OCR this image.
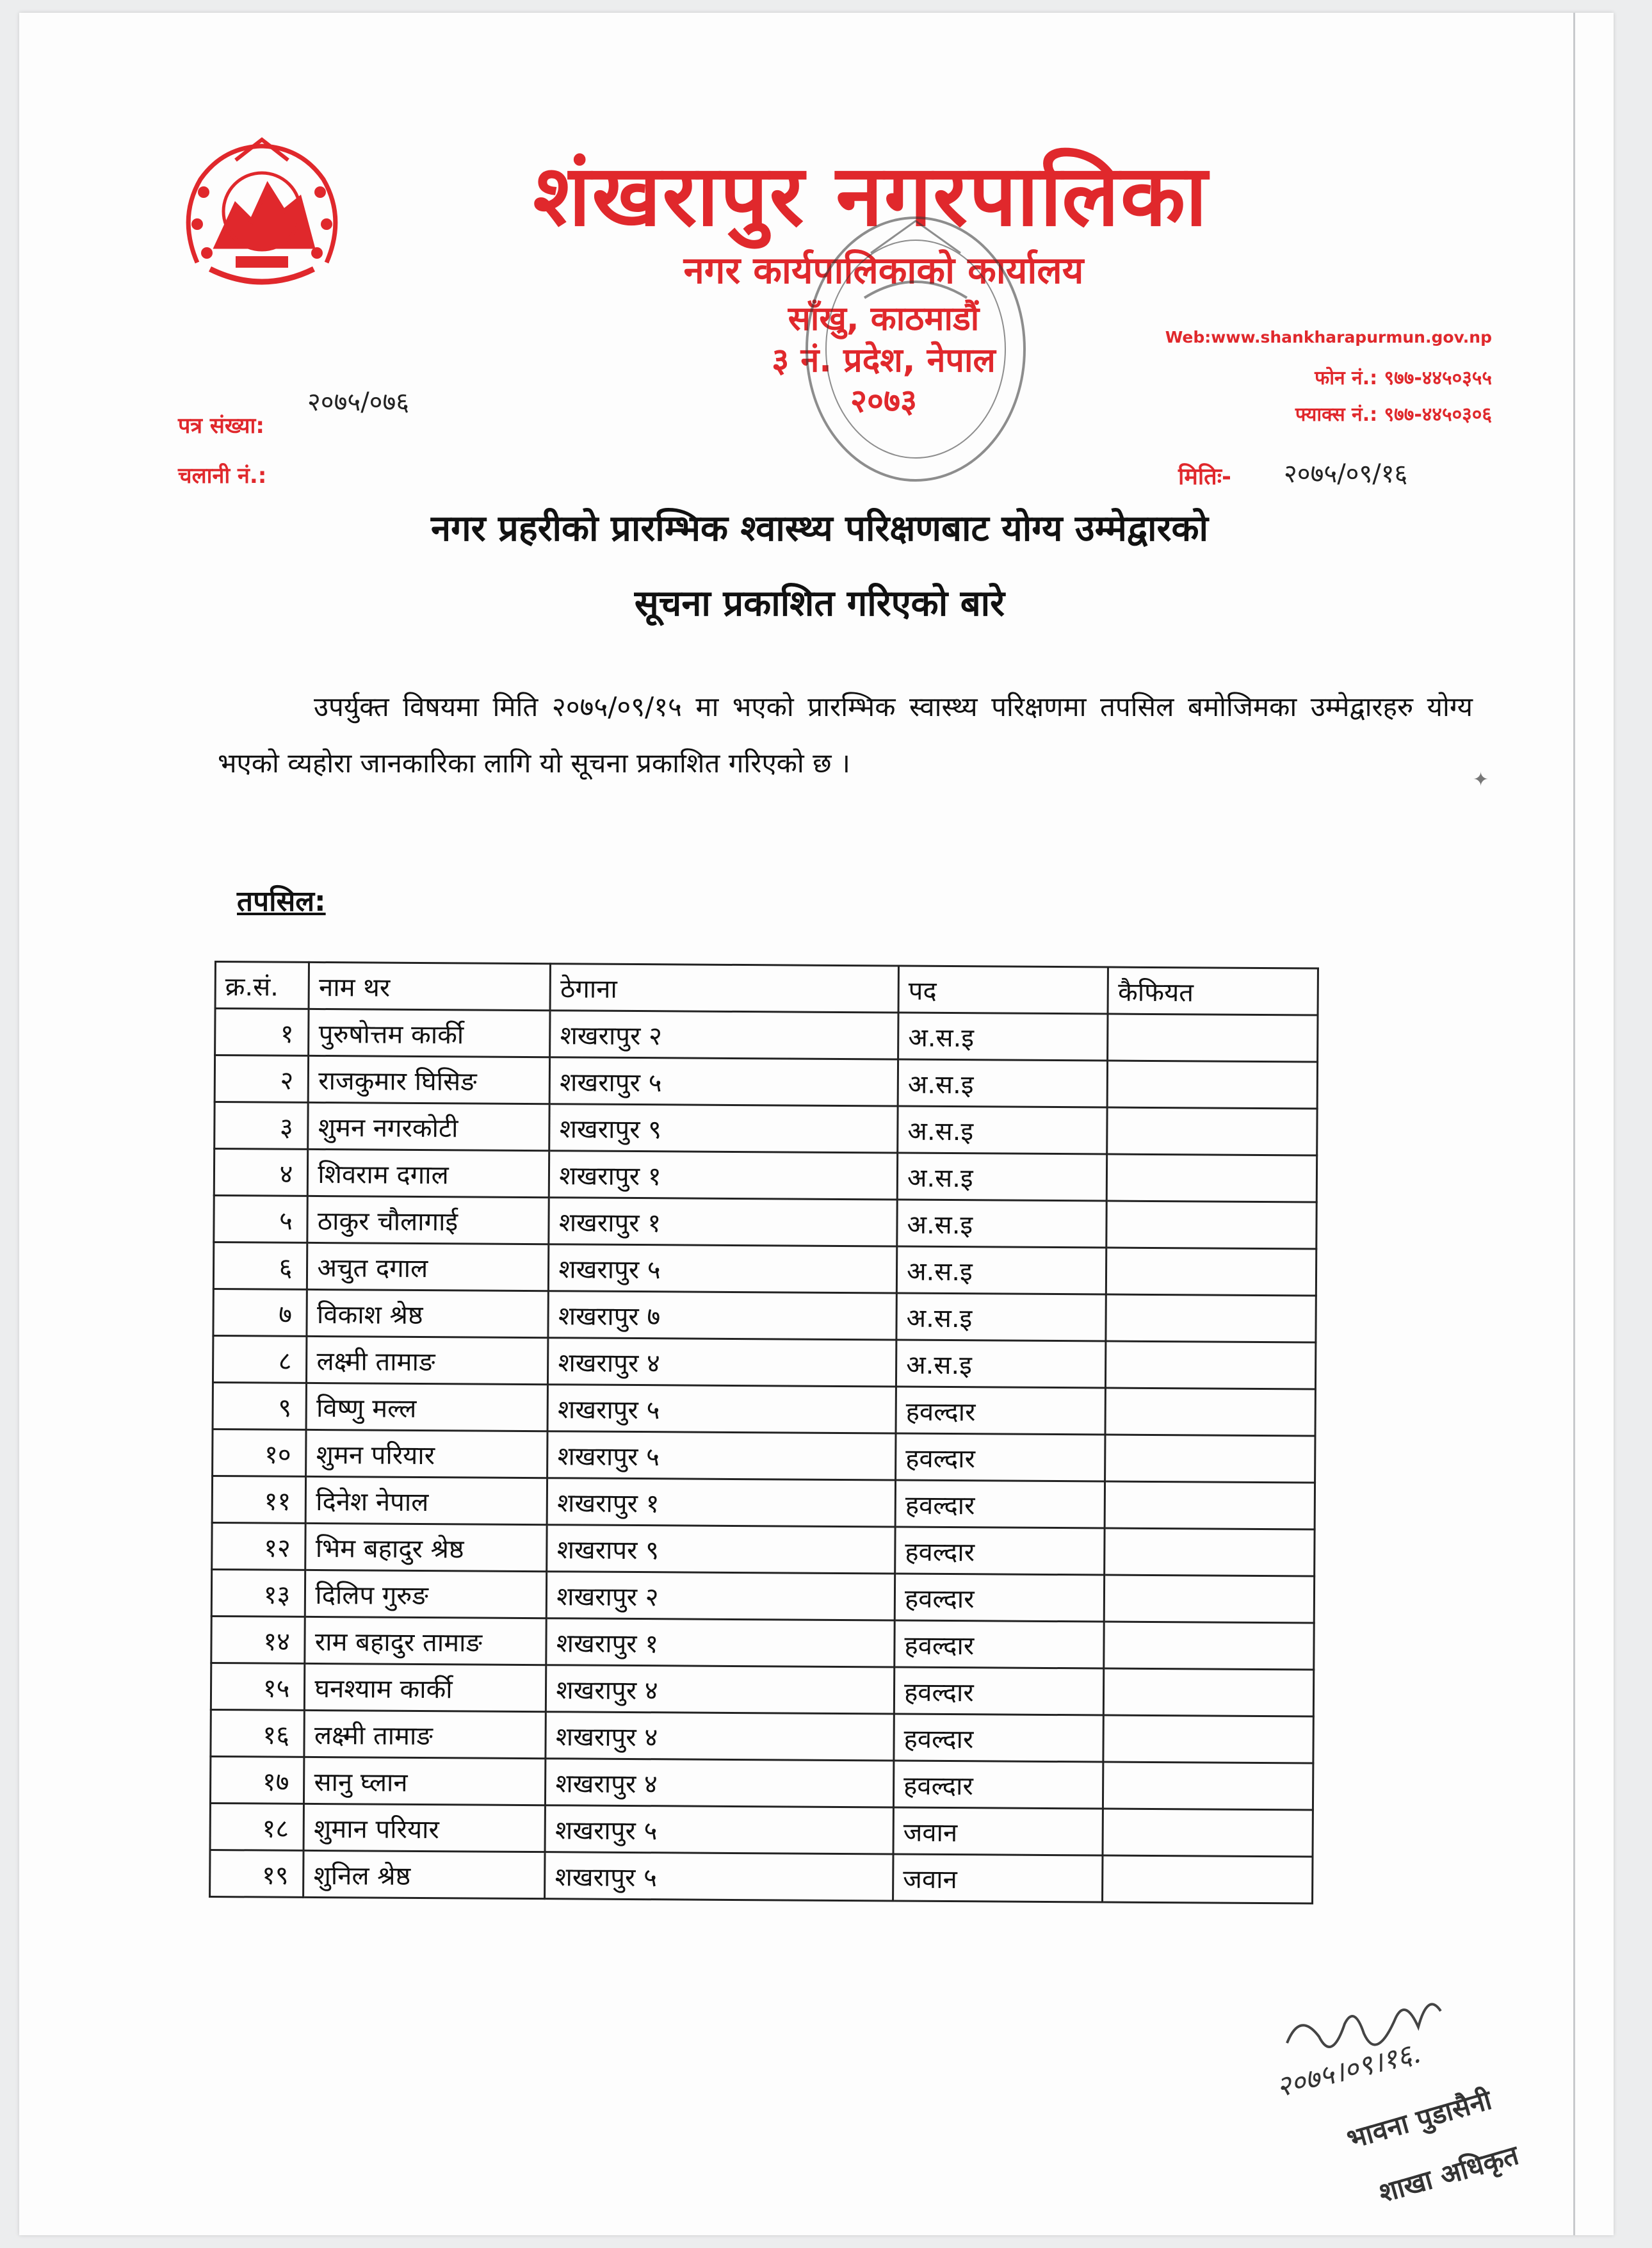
शंखरापुर नगरपालिका
नगर कार्यपालिकाको कार्यालय
साँखु, काठमाडौं
३ नं. प्रदेश, नेपाल
२०७३
Web:www.shankharapurmun.gov.np
फोन नं.: ९७७-४४५०३५५
फ्याक्स नं.: ९७७-४४५०३०६
पत्र संख्या:
२०७५/०७६
चलानी नं.:	मितिः- २०७५/०९/१६
नगर प्रहरीको प्रारम्भिक श्वास्थ्य परिक्षणबाट योग्य उम्मेद्वारको
सूचना प्रकाशित गरिएको बारे
उपर्युक्त विषयमा मिति २०७५/०९/१५ मा भएको प्रारम्भिक स्वास्थ्य परिक्षणमा तपसिल बमोजिमका उम्मेद्वारहरु योग्य भएको व्यहोरा जानकारिका लागि यो सूचना प्रकाशित गरिएको छ ।
✦
तपसिल:
क्र.सं.	नाम थर	ठेगाना	पद	कैफियत
१	पुरुषोत्तम कार्की	शखरापुर २	अ.स.इ	
२	राजकुमार घिसिङ	शखरापुर ५	अ.स.इ	
३	शुमन नगरकोटी	शखरापुर ९	अ.स.इ	
४	शिवराम दगाल	शखरापुर १	अ.स.इ	
५	ठाकुर चौलागाई	शखरापुर १	अ.स.इ	
६	अचुत दगाल	शखरापुर ५	अ.स.इ	
७	विकाश श्रेष्ठ	शखरापुर ७	अ.स.इ	
८	लक्ष्मी तामाङ	शखरापुर ४	अ.स.इ	
९	विष्णु मल्ल	शखरापुर ५	हवल्दार	
१०	शुमन परियार	शखरापुर ५	हवल्दार	
११	दिनेश नेपाल	शखरापुर १	हवल्दार	
१२	भिम बहादुर श्रेष्ठ	शखरापर ९	हवल्दार	
१३	दिलिप गुरुङ	शखरापुर २	हवल्दार	
१४	राम बहादुर तामाङ	शखरापुर १	हवल्दार	
१५	घनश्याम कार्की	शखरापुर ४	हवल्दार	
१६	लक्ष्मी तामाङ	शखरापुर ४	हवल्दार	
१७	सानु घ्लान	शखरापुर ४	हवल्दार	
१८	शुमान परियार	शखरापुर ५	जवान	
१९	शुनिल श्रेष्ठ	शखरापुर ५	जवान	
२०७५।०९।१६.
भावना पुडासैनी
शाखा अधिकृत
